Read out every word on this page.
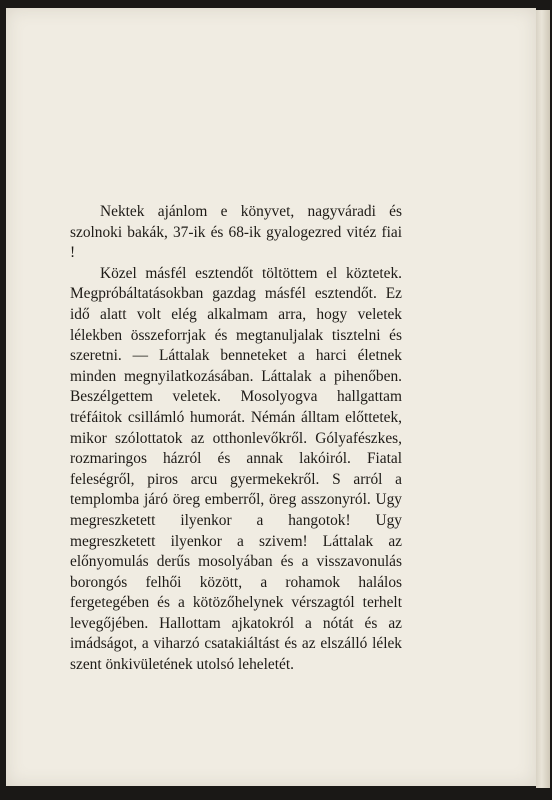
Nektek ajánlom e könyvet, nagyváradi és szolnoki bakák, 37-ik és 68-ik gyalogezred vitéz fiai !

Közel másfél esztendőt töltöttem el köztetek. Megpróbáltatásokban gazdag másfél esztendőt. Ez idő alatt volt elég alkalmam arra, hogy veletek lélekben összeforrjak és megtanuljalak tisztelni és szeretni. — Láttalak benneteket a harci életnek minden megnyilatkozásában. Láttalak a pihenőben. Beszélgettem veletek. Mosolyogva hallgattam tréfáitok csillámló humorát. Némán álltam előttetek, mikor szólottatok az otthonlevőkről. Gólyafészkes, rozmaringos házról és annak lakóiról. Fiatal feleségről, piros arcu gyermekekről. S arról a templomba járó öreg emberről, öreg asszonyról. Ugy megreszketett ilyenkor a hangotok! Ugy megreszketett ilyenkor a szivem! Láttalak az előnyomulás derűs mosolyában és a visszavonulás borongós felhői között, a rohamok halálos fergetegében és a kötözőhelynek vérszagtól terhelt levegőjében. Hallottam ajkatokról a nótát és az imádságot, a viharzó csatakiáltást és az elszálló lélek szent önkivületének utolsó leheletét.
